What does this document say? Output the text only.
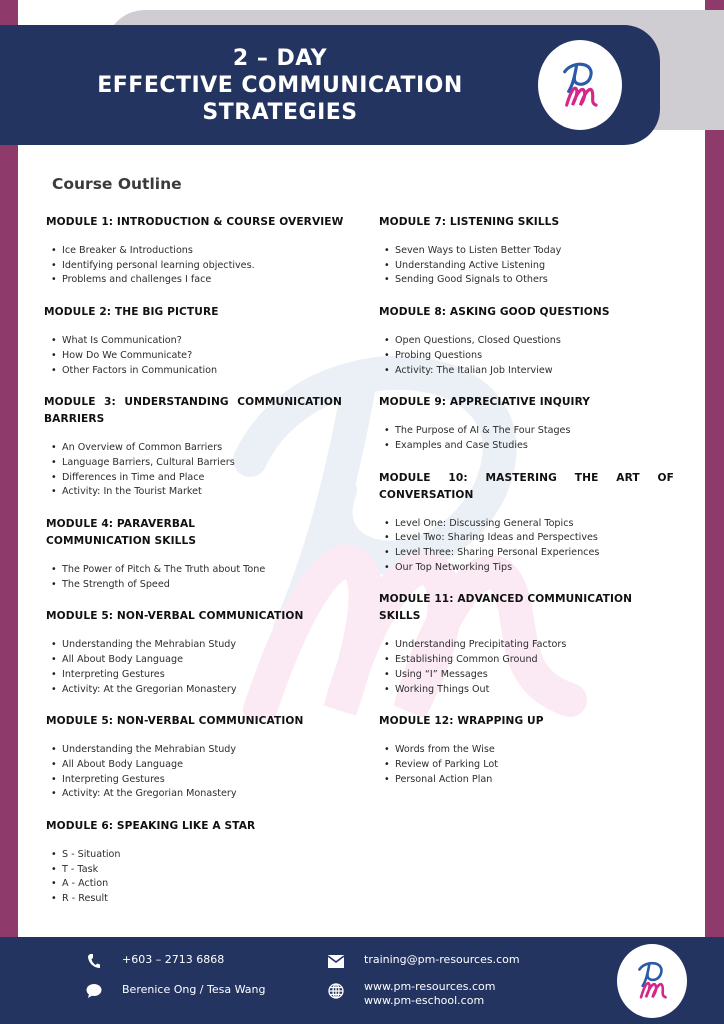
2 – DAY
EFFECTIVE COMMUNICATION
STRATEGIES
Course Outline
MODULE 1: INTRODUCTION & COURSE OVERVIEW
• Ice Breaker & Introductions
• Identifying personal learning objectives.
• Problems and challenges I face
MODULE 2: THE BIG PICTURE
• What Is Communication?
• How Do We Communicate?
• Other Factors in Communication
MODULE 3: UNDERSTANDING COMMUNICATION BARRIERS
• An Overview of Common Barriers
• Language Barriers, Cultural Barriers
• Differences in Time and Place
• Activity: In the Tourist Market
MODULE 4: PARAVERBAL COMMUNICATION SKILLS
• The Power of Pitch & The Truth about Tone
• The Strength of Speed
MODULE 5: NON-VERBAL COMMUNICATION
• Understanding the Mehrabian Study
• All About Body Language
• Interpreting Gestures
• Activity: At the Gregorian Monastery
MODULE 5: NON-VERBAL COMMUNICATION
• Understanding the Mehrabian Study
• All About Body Language
• Interpreting Gestures
• Activity: At the Gregorian Monastery
MODULE 6: SPEAKING LIKE A STAR
• S - Situation
• T - Task
• A - Action
• R - Result
MODULE 7: LISTENING SKILLS
• Seven Ways to Listen Better Today
• Understanding Active Listening
• Sending Good Signals to Others
MODULE 8: ASKING GOOD QUESTIONS
• Open Questions, Closed Questions
• Probing Questions
• Activity: The Italian Job Interview
MODULE 9: APPRECIATIVE INQUIRY
• The Purpose of AI & The Four Stages
• Examples and Case Studies
MODULE 10: MASTERING THE ART OF CONVERSATION
• Level One: Discussing General Topics
• Level Two: Sharing Ideas and Perspectives
• Level Three: Sharing Personal Experiences
• Our Top Networking Tips
MODULE 11: ADVANCED COMMUNICATION SKILLS
• Understanding Precipitating Factors
• Establishing Common Ground
• Using “I” Messages
• Working Things Out
MODULE 12: WRAPPING UP
• Words from the Wise
• Review of Parking Lot
• Personal Action Plan
+603 – 2713 6868
Berenice Ong / Tesa Wang
training@pm-resources.com
www.pm-resources.com
www.pm-eschool.com
